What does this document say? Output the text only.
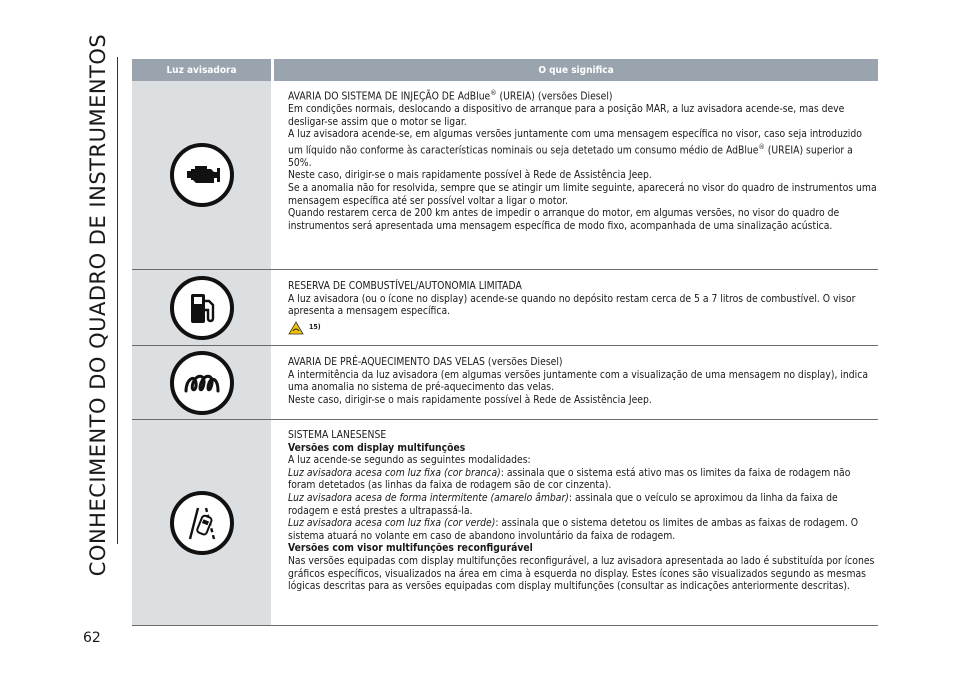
CONHECIMENTO DO QUADRO DE INSTRUMENTOS
62
Luz avisadora	O que significa

AVARIA DO SISTEMA DE INJEÇÃO DE AdBlue® (UREIA) (versões Diesel)

Em condições normais, deslocando a dispositivo de arranque para a posição MAR, a luz avisadora acende-se, mas deve desligar-se assim que o motor se ligar.

A luz avisadora acende-se, em algumas versões juntamente com uma mensagem específica no visor, caso seja introduzido um líquido não conforme às características nominais ou seja detetado um consumo médio de AdBlue® (UREIA) superior a 50%.

Neste caso, dirigir-se o mais rapidamente possível à Rede de Assistência Jeep.

Se a anomalia não for resolvida, sempre que se atingir um limite seguinte, aparecerá no visor do quadro de instrumentos uma mensagem específica até ser possível voltar a ligar o motor.

Quando restarem cerca de 200 km antes de impedir o arranque do motor, em algumas versões, no visor do quadro de instrumentos será apresentada uma mensagem específica de modo fixo, acompanhada de uma sinalização acústica.

RESERVA DE COMBUSTÍVEL/AUTONOMIA LIMITADA

A luz avisadora (ou o ícone no display) acende-se quando no depósito restam cerca de 5 a 7 litros de combustível. O visor apresenta a mensagem específica.

15)

AVARIA DE PRÉ-AQUECIMENTO DAS VELAS (versões Diesel)

A intermitência da luz avisadora (em algumas versões juntamente com a visualização de uma mensagem no display), indica uma anomalia no sistema de pré-aquecimento das velas.

Neste caso, dirigir-se o mais rapidamente possível à Rede de Assistência Jeep.

SISTEMA LANESENSE

Versões com display multifunções

A luz acende-se segundo as seguintes modalidades:

Luz avisadora acesa com luz fixa (cor branca): assinala que o sistema está ativo mas os limites da faixa de rodagem não foram detetados (as linhas da faixa de rodagem são de cor cinzenta).

Luz avisadora acesa de forma intermitente (amarelo âmbar): assinala que o veículo se aproximou da linha da faixa de rodagem e está prestes a ultrapassá-la.

Luz avisadora acesa com luz fixa (cor verde): assinala que o sistema detetou os limites de ambas as faixas de rodagem. O sistema atuará no volante em caso de abandono involuntário da faixa de rodagem.

Versões com visor multifunções reconfigurável

Nas versões equipadas com display multifunções reconfigurável, a luz avisadora apresentada ao lado é substituída por ícones gráficos específicos, visualizados na área em cima à esquerda no display. Estes ícones são visualizados segundo as mesmas lógicas descritas para as versões equipadas com display multifunções (consultar as indicações anteriormente descritas).
